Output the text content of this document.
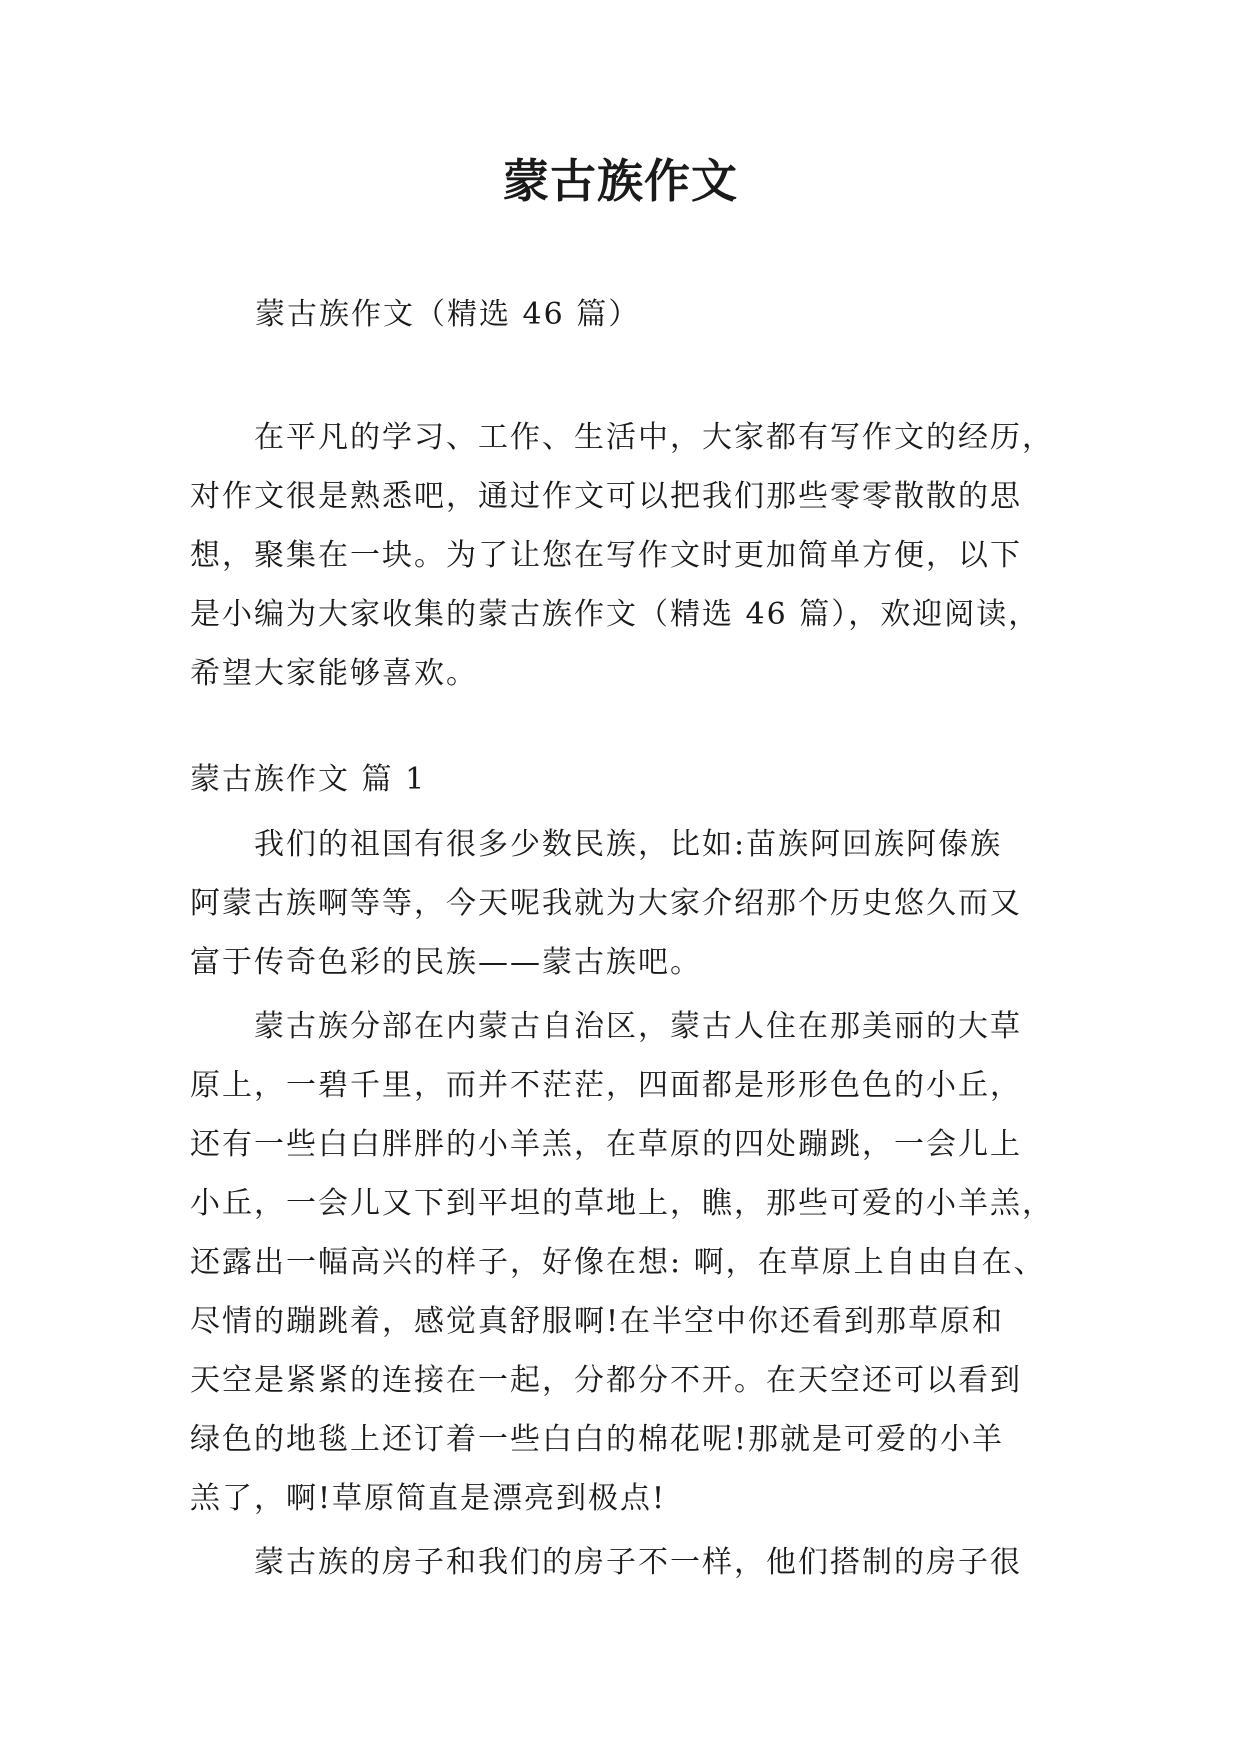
蒙古族作文
蒙古族作文（精选 46 篇）

在平凡的学习、工作、生活中，大家都有写作文的经历，
对作文很是熟悉吧，通过作文可以把我们那些零零散散的思
想，聚集在一块。为了让您在写作文时更加简单方便，以下
是小编为大家收集的蒙古族作文（精选 46 篇），欢迎阅读，
希望大家能够喜欢。

蒙古族作文 篇 1

我们的祖国有很多少数民族，比如:苗族阿回族阿傣族
阿蒙古族啊等等，今天呢我就为大家介绍那个历史悠久而又
富于传奇色彩的民族——蒙古族吧。

蒙古族分部在内蒙古自治区，蒙古人住在那美丽的大草
原上，一碧千里，而并不茫茫，四面都是形形色色的小丘，
还有一些白白胖胖的小羊羔，在草原的四处蹦跳，一会儿上
小丘，一会儿又下到平坦的草地上，瞧，那些可爱的小羊羔，
还露出一幅高兴的样子，好像在想: 啊，在草原上自由自在、
尽情的蹦跳着，感觉真舒服啊!在半空中你还看到那草原和
天空是紧紧的连接在一起，分都分不开。在天空还可以看到
绿色的地毯上还订着一些白白的棉花呢!那就是可爱的小羊
羔了，啊!草原简直是漂亮到极点!

蒙古族的房子和我们的房子不一样，他们搭制的房子很
